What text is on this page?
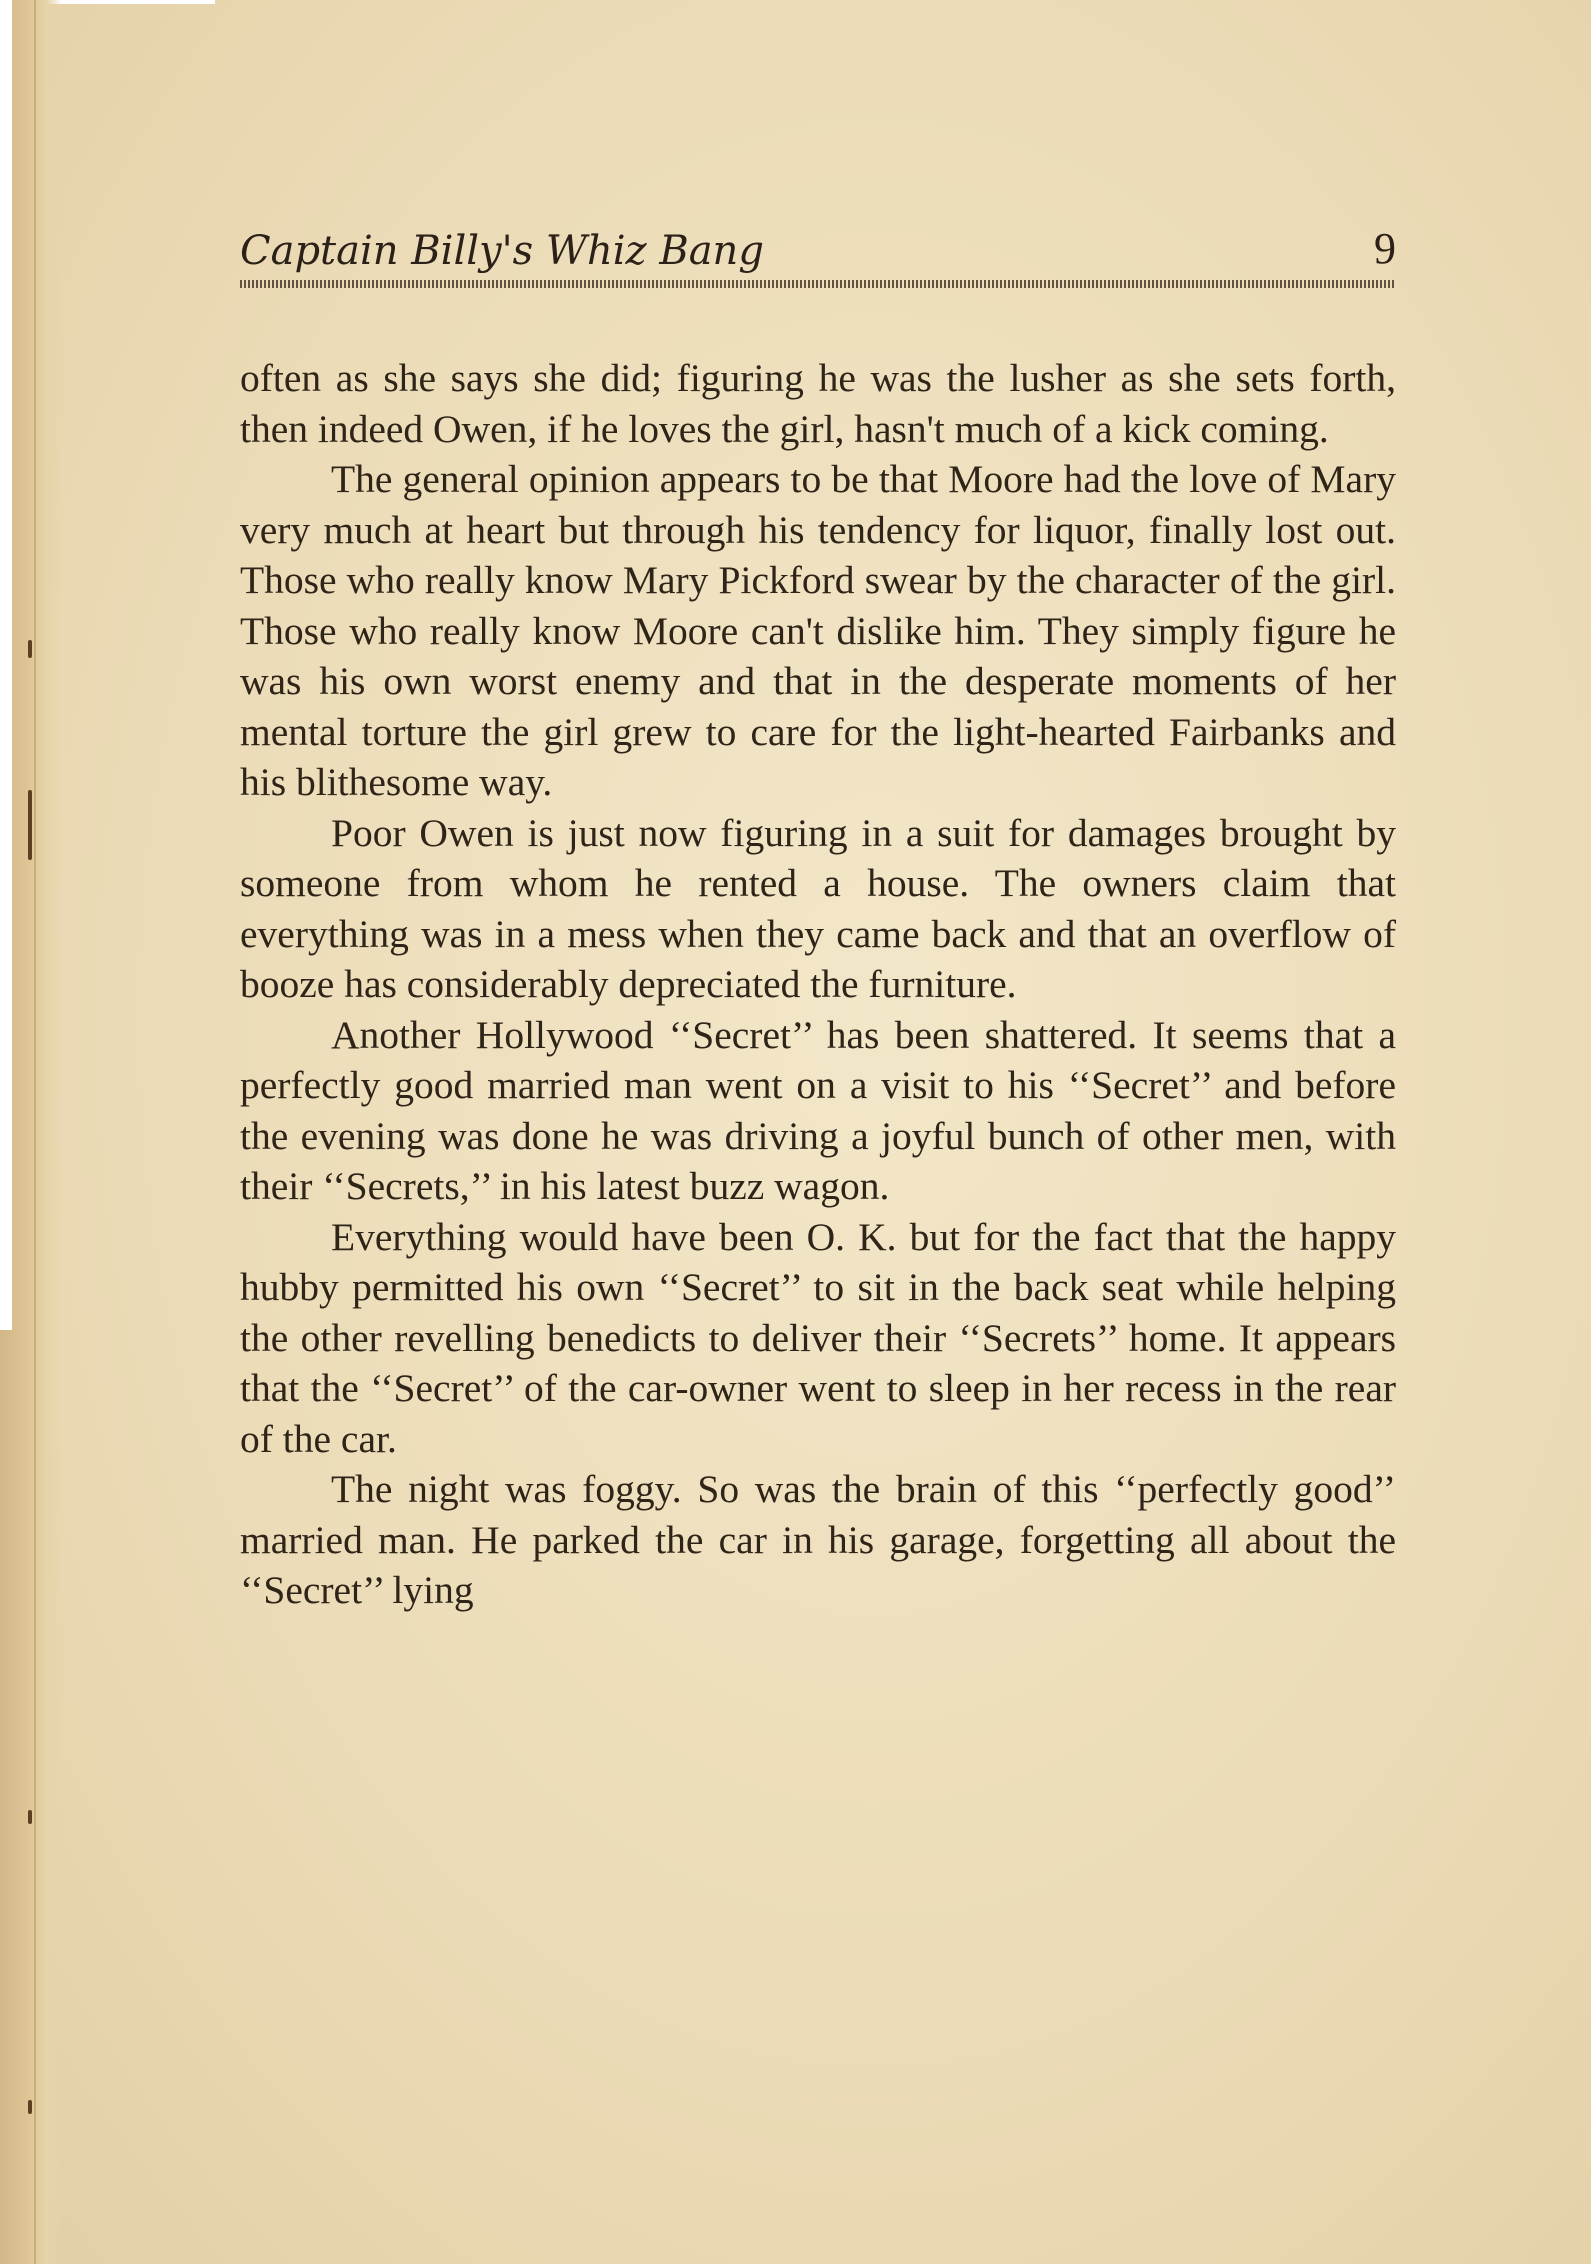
Captain Billy's Whiz Bang	9

often as she says she did; figuring he was the lusher as she sets forth, then indeed Owen, if he loves the girl, hasn't much of a kick coming.

The general opinion appears to be that Moore had the love of Mary very much at heart but through his tendency for liquor, finally lost out. Those who really know Mary Pickford swear by the character of the girl. Those who really know Moore can't dislike him. They simply figure he was his own worst enemy and that in the desperate moments of her mental torture the girl grew to care for the light-hearted Fairbanks and his blithesome way.

Poor Owen is just now figuring in a suit for damages brought by someone from whom he rented a house. The owners claim that everything was in a mess when they came back and that an overflow of booze has considerably depreciated the furniture.

Another Hollywood ‘‘Secret’’ has been shattered. It seems that a perfectly good married man went on a visit to his ‘‘Secret’’ and before the evening was done he was driving a joyful bunch of other men, with their ‘‘Secrets,’’ in his latest buzz wagon.

Everything would have been O. K. but for the fact that the happy hubby permitted his own ‘‘Secret’’ to sit in the back seat while helping the other revelling benedicts to deliver their ‘‘Secrets’’ home. It appears that the ‘‘Secret’’ of the car-owner went to sleep in her recess in the rear of the car.

The night was foggy. So was the brain of this ‘‘perfectly good’’ married man. He parked the car in his garage, forgetting all about the ‘‘Secret’’ lying
